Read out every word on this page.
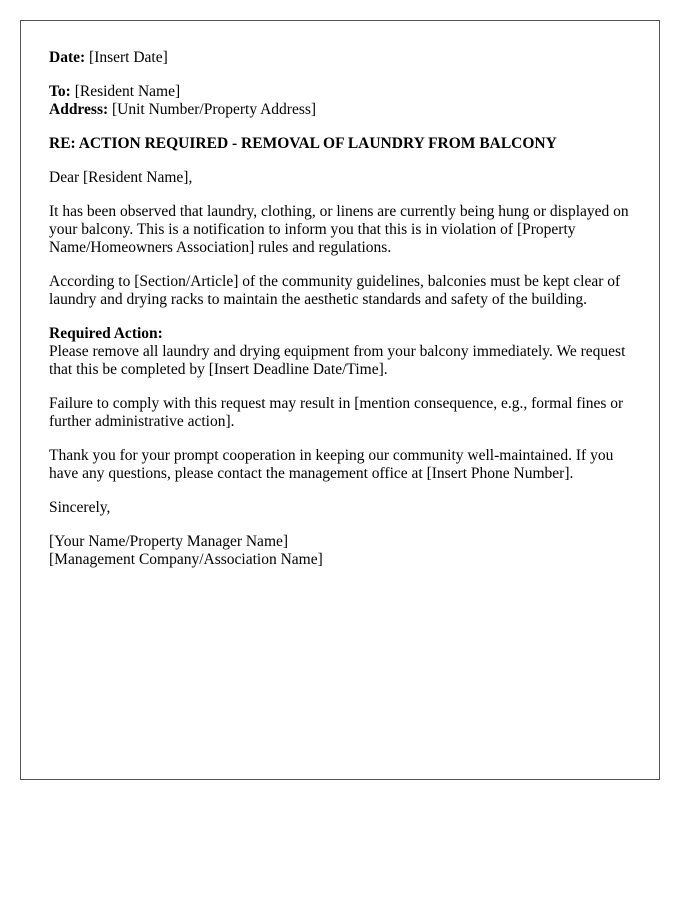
Date: [Insert Date]

To: [Resident Name]
Address: [Unit Number/Property Address]

RE: ACTION REQUIRED - REMOVAL OF LAUNDRY FROM BALCONY

Dear [Resident Name],

It has been observed that laundry, clothing, or linens are currently being hung or displayed on your balcony. This is a notification to inform you that this is in violation of [Property Name/Homeowners Association] rules and regulations.

According to [Section/Article] of the community guidelines, balconies must be kept clear of laundry and drying racks to maintain the aesthetic standards and safety of the building.

Required Action:
Please remove all laundry and drying equipment from your balcony immediately. We request that this be completed by [Insert Deadline Date/Time].

Failure to comply with this request may result in [mention consequence, e.g., formal fines or further administrative action].

Thank you for your prompt cooperation in keeping our community well-maintained. If you have any questions, please contact the management office at [Insert Phone Number].

Sincerely,

[Your Name/Property Manager Name]
[Management Company/Association Name]
